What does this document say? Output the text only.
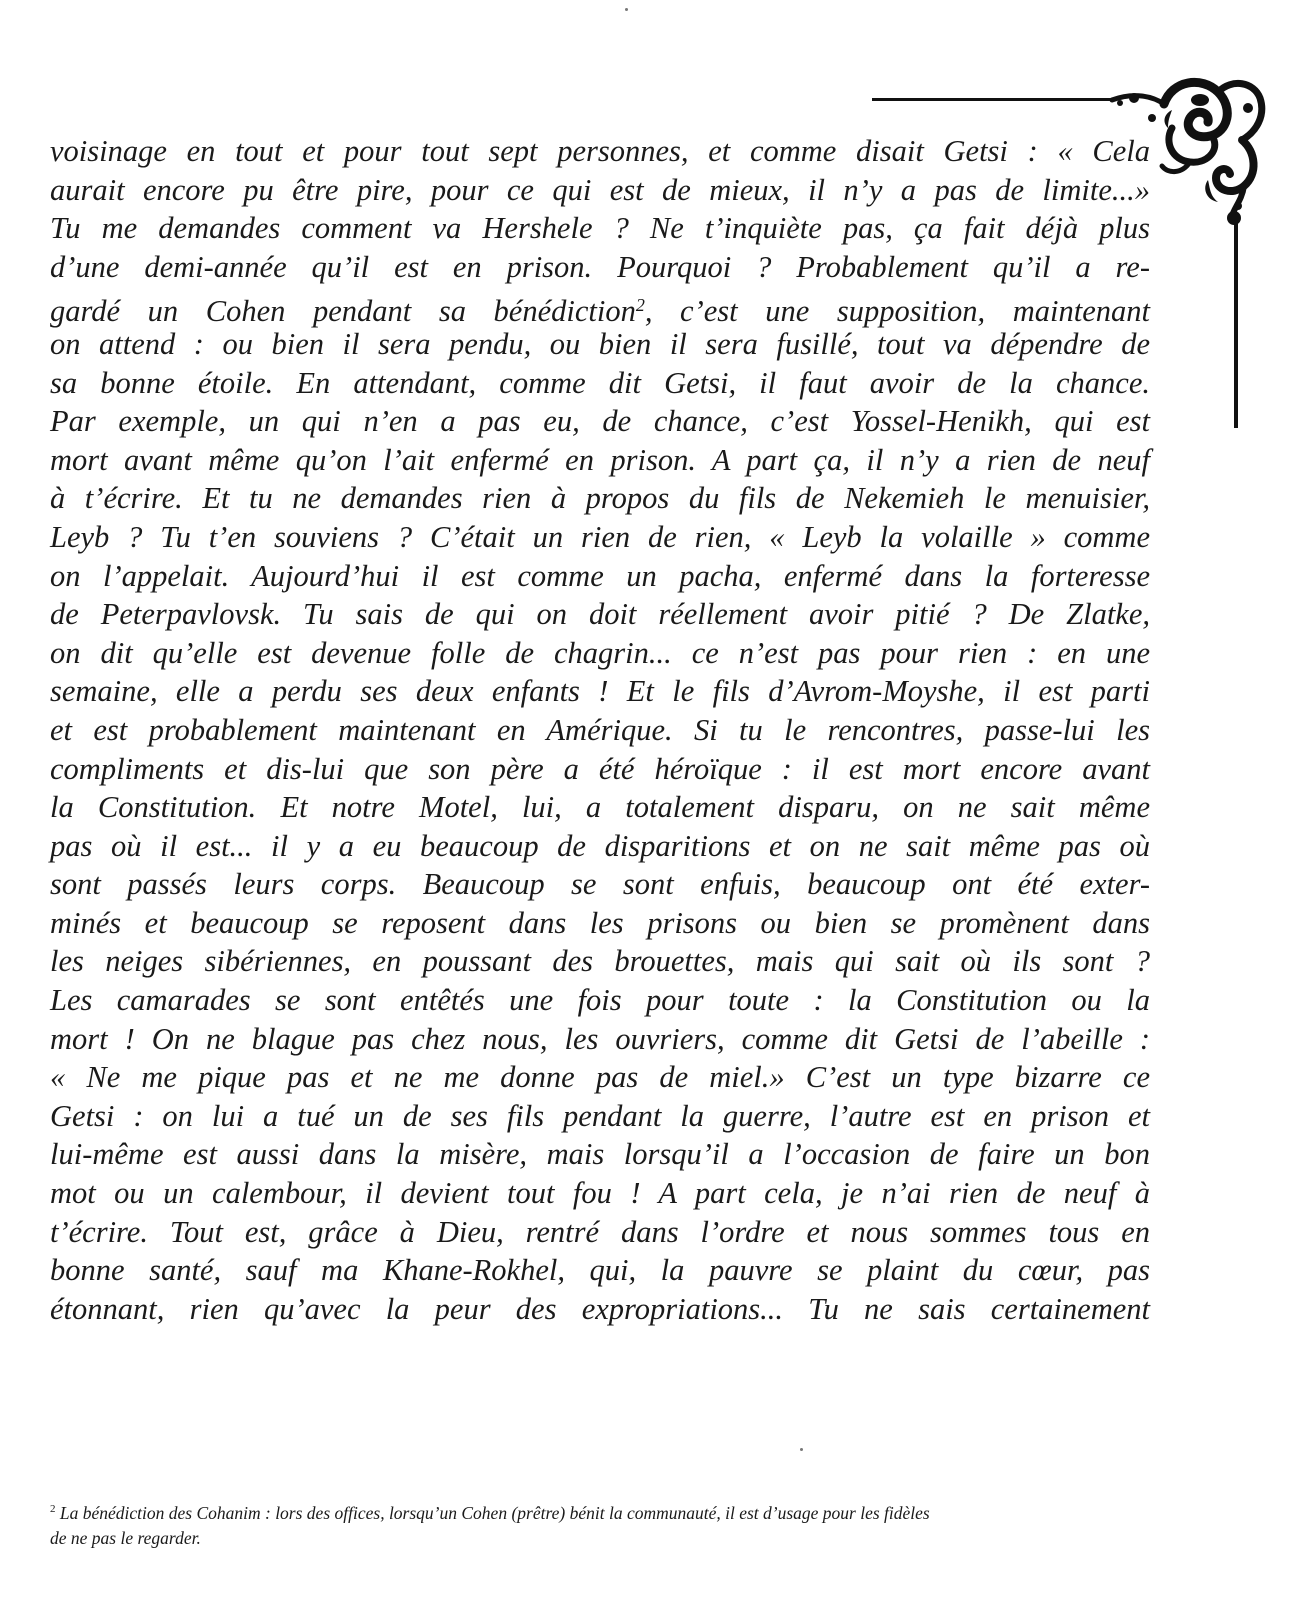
voisinage en tout et pour tout sept personnes, et comme disait Getsi : « Cela
aurait encore pu être pire, pour ce qui est de mieux, il n’y a pas de limite...»
Tu me demandes comment va Hershele ? Ne t’inquiète pas, ça fait déjà plus
d’une demi-année qu’il est en prison. Pourquoi ? Probablement qu’il a re-
gardé un Cohen pendant sa bénédiction$^2$, c’est une supposition, maintenant
on attend : ou bien il sera pendu, ou bien il sera fusillé, tout va dépendre de
sa bonne étoile. En attendant, comme dit Getsi, il faut avoir de la chance.
Par exemple, un qui n’en a pas eu, de chance, c’est Yossel-Henikh, qui est
mort avant même qu’on l’ait enfermé en prison. A part ça, il n’y a rien de neuf
à t’écrire. Et tu ne demandes rien à propos du fils de Nekemieh le menuisier,
Leyb ? Tu t’en souviens ? C’était un rien de rien, « Leyb la volaille » comme
on l’appelait. Aujourd’hui il est comme un pacha, enfermé dans la forteresse
de Peterpavlovsk. Tu sais de qui on doit réellement avoir pitié ? De Zlatke,
on dit qu’elle est devenue folle de chagrin... ce n’est pas pour rien : en une
semaine, elle a perdu ses deux enfants ! Et le fils d’Avrom-Moyshe, il est parti
et est probablement maintenant en Amérique. Si tu le rencontres, passe-lui les
compliments et dis-lui que son père a été héroïque : il est mort encore avant
la Constitution. Et notre Motel, lui, a totalement disparu, on ne sait même
pas où il est... il y a eu beaucoup de disparitions et on ne sait même pas où
sont passés leurs corps. Beaucoup se sont enfuis, beaucoup ont été exter-
minés et beaucoup se reposent dans les prisons ou bien se promènent dans
les neiges sibériennes, en poussant des brouettes, mais qui sait où ils sont ?
Les camarades se sont entêtés une fois pour toute : la Constitution ou la
mort ! On ne blague pas chez nous, les ouvriers, comme dit Getsi de l’abeille :
« Ne me pique pas et ne me donne pas de miel.» C’est un type bizarre ce
Getsi : on lui a tué un de ses fils pendant la guerre, l’autre est en prison et
lui-même est aussi dans la misère, mais lorsqu’il a l’occasion de faire un bon
mot ou un calembour, il devient tout fou ! A part cela, je n’ai rien de neuf à
t’écrire. Tout est, grâce à Dieu, rentré dans l’ordre et nous sommes tous en
bonne santé, sauf ma Khane-Rokhel, qui, la pauvre se plaint du cœur, pas
étonnant, rien qu’avec la peur des expropriations... Tu ne sais certainement
$^2$ La bénédiction des Cohanim : lors des offices, lorsqu’un Cohen (prêtre) bénit la communauté, il est d’usage pour les fidèles
de ne pas le regarder.
